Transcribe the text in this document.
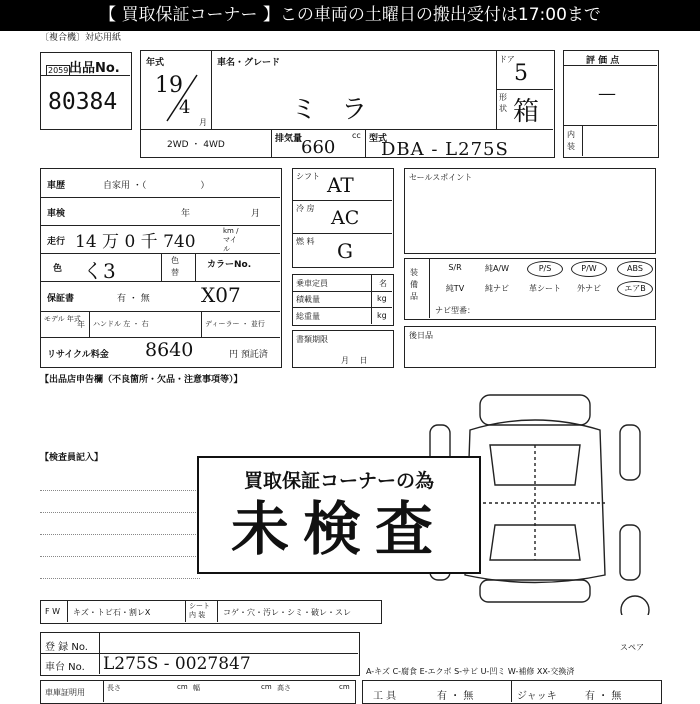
【 買取保証コーナー 】この車両の土曜日の搬出受付は17:00まで
〔複合機〕対応用紙
出品No.
2059
80384
年式
19
4
月
車名・グレード
ミ ラ
ドア
5
形状 箱
2WD ・ 4WD
排気量	cc
660	型式
DBA - L275S
評 価 点
—
内装
車歴	自家用 ・（　　　　　　）
車検	年	月
走行 14 万 0 千 740
km / マイル
色 く3	色替
カラーNo.
保証書	有 ・ 無	X07
モデル 年式
年 ハンドル 左 ・ 右	ディーラー ・ 並行
リサイクル料金 8640	円 預託済
【出品店申告欄（不良箇所・欠品・注意事項等）】
シフト AT
冷 房 AC
燃 料 G
乗車定員	名
積載量	kg
総重量	kg
書類期限
月 日
セールスポイント
装備品
S/R	純A/W	P/S	P/W	ABS
純TV	純ナビ	革シート	外ナビ	エアB
ナビ型番：
後日品
【検査員記入】
買取保証コーナーの為
未検査
F W キズ・トビ石・割レX
シート 内 装	コゲ・穴・汚レ・シミ・破レ・スレ
スペア
登 録 No.
車台 No. L275S - 0027847	A-キズ C-腐食 E-エクボ S-サビ U-凹ミ W-補修 XX-交換済
車庫証明用	長さ	cm 幅	cm 高さ	cm
工 具	有 ・ 無	ジャッキ	有 ・ 無
